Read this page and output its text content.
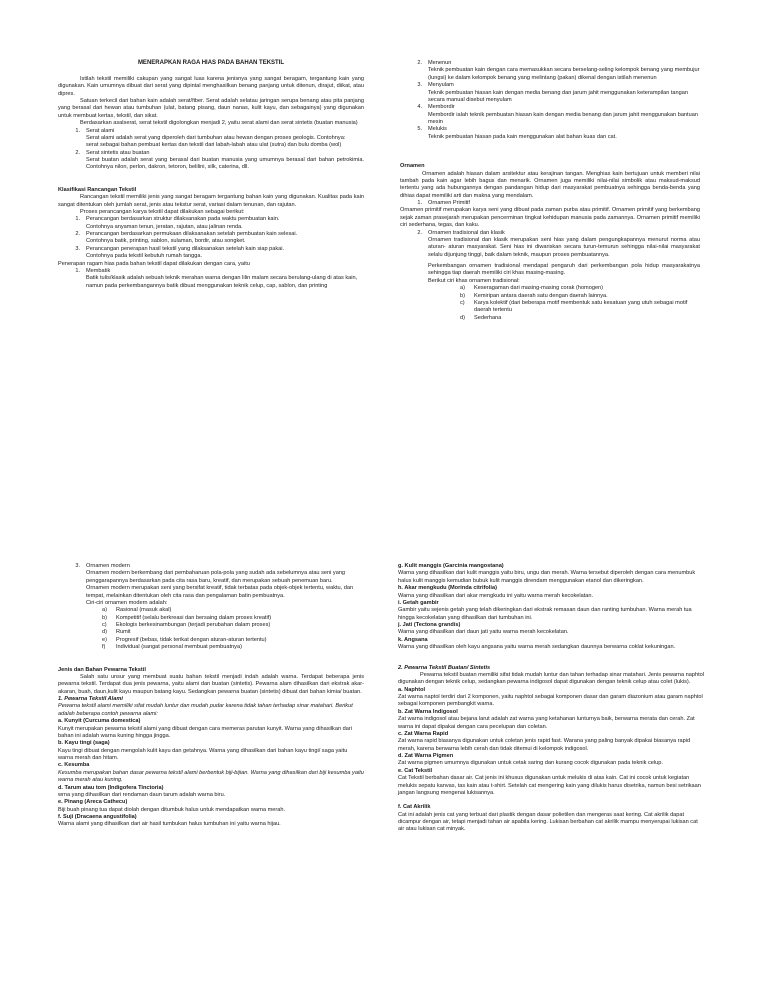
MENERAPKAN RAGA HIAS PADA BAHAN TEKSTIL

Istilah tekstil memiliki cakupan yang sangat luas karena jenisnya yang sangat beragam, tergantung kain yang digunakan. Kain umumnya dibuat dari serat yang dipintal menghasilkan benang panjang untuk ditenun, dirajut, diikat, atau dipres.

Satuan terkecil dari bahan kain adalah serat/fiber. Serat adalah selatau jaringan serupa benang atau pita panjang yang berasal dari hewan atau tumbuhan (ulat, batang pisang, daun nanas, kulit kayu, dan sebagainya) yang digunakan untuk membuat kertas, tekstil, dan sikat.

Berdasarkan asalserat, serat tekstil digolongkan menjadi 2, yaitu serat alami dan serat sintetis (buatan manusia)

1.	Serat alami

Serat alami adalah serat yang diperoleh dari tumbuhan atau hewan dengan proses geologis. Contohnya:

serat sebagai bahan pembuat kertas dan tekstil dari labah-labah atau ulat (sutra) dan bulu domba (wol)

2.	Serat sintetis atau buatan

Serat buatan adalah serat yang berasal dari buatan manusia yang umumnya berasal dari bahan petrokimia. Contohnya nilon, perlon, dakron, tetoron, belilini, silk, caterina, dll.

Klasifikasi Rancangan Tekstil

Rancangan tekstil memiliki jenis yang sangat beragam tergantung bahan kain yang digunakan. Kualitas pada kain sangat ditentukan oleh jumlah serat, jenis atau tekstur serat, variasi dalam tenunan, dan rajutan.

Proses perancangan karya tekstil dapat dilakukan sebagai berikut:

1.	Perancangan berdasarkan struktur dilaksanakan pada waktu pembuatan kain.

Contohnya anyaman tenun, jeratan, rajutan, atau jalinan renda.

2.	Perancangan berdasarkan permukaan dilaksanakan setelah pembuatan kain selesai.

Contohnya batik, printing, sablon, sulaman, bordir, atau songket.

3.	Perancangan penerapan hasil tekstil yang dilaksanakan setelah kain siap pakai.

Contohnya pada tekstil kebutuh rumah tangga.

Penerapan ragam hias pada bahan tekstil dapat dilakukan dengan cara, yaitu

1.	Membatik

Batik tulis/klasik adalah sebuah teknik merahan warna dengan lilin malam secara berulang-ulang di atas kain, namun pada perkembangannya batik dibuat menggunakan teknik celup, cap, sablon, dan printing

2.	Menenun

Teknik pembuatan kain dengan cara memasukkan secara berselang-seling kelompok benang yang membujur (lungsi) ke dalam kelompok benang yang melintang (pakan) dikenal dengan istilah menenun

3.	Menyulam

Teknik pembuatan hiasan kain dengan media benang dan jarum jahit menggunakan keterampilan tangan secara manual disebut menyulam

4.	Membordir

Membordir ialah teknik pembuatan hiasan kain dengan media benang dan jarum jahit menggunakan bantuan mesin

5.	Melukis

Teknik pembuatan hiasan pada kain menggunakan alat bahan kuas dan cat.

Ornamen

Ornamen adalah hiasan dalam arsitektur atau kerajinan tangan. Menghias kain bertujuan untuk memberi nilai tambah pada kain agar lebih bagus dan menarik. Ornamen juga memiliki nilai-nilai simbolik atau maksud-maksud tertentu yang ada hubungannya dengan pandangan hidup dari masyarakat pembuatnya sehingga benda-benda yang dihias dapat memiliki arti dan makna yang mendalam.

1.	Ornamen Primitif

Ornamen primitif merupakan karya seni yang dibuat pada zaman purba atau primitif. Ornamen primitif yang berkembang sejak zaman prasejarah merupakan pencerminan tingkat kehidupan manusia pada zamannya. Ornamen primitif memiliki ciri sederhana, tegas, dan kaku.

2.	Ornamen tradisional dan klasik

Ornamen tradisional dan klasik merupakan seni hias yang dalam pengungkapannya menurut norma atau aturan- aturan masyarakat. Seni hias ini diwariskan secara turun-temurun sehingga nilai-nilai masyarakat selalu dijunjung tinggi, baik dalam teknik, maupun proses pembuatannya.

Perkembangan ornamen tradisional mendapat pengaruh dari perkembangan pola hidup masyarakatnya sehingga tiap daerah memiliki ciri khas masing-masing.

Berikut ciri khas ornamen tradisional:

a)	Keseragaman dari masing-masing corak (homogen)
b)	Kemiripan antara daerah satu dengan daerah lainnya.
c)	Karya kolektif (dari beberapa motif membentuk satu kesatuan yang utuh sebagai motif daerah tertentu
d)	Sederhana
3.	Ornamen modern

Ornamen modern berkembang dari pembaharuan pola-pola yang sudah ada sebelumnya atau seni yang penggarapannya berdasarkan pada cita rasa baru, kreatif, dan merupakan sebuah penemuan baru.

Ornamen modern merupakan seni yang bersifat kreatif, tidak terbatas pada objek-objek tertentu, waktu, dan tempat, melainkan ditentukan oleh cita rasa dan pengalaman batin pembuatnya.

Ciri-ciri ornamen modern adalah:

a)	Rasional (masuk akal)
b)	Kompetitif (selalu berkreasi dan bersaing dalam proses kreatif)
c)	Ekologis berkesinambungan (terjadi perubahan dalam proses)
d)	Rumit
e)	Progresif (bebas, tidak terikat dengan aturan-aturan tertentu)
f)	Individual (sangat personal membuat pembuatnya)

Jenis dan Bahan Pewarna Tekstil

Salah satu unsur yang membuat suatu bahan tekstil menjadi indah adalah warna. Terdapat beberapa jenis pewarna tekstil. Terdapat dua jenis pewarna, yaitu alami dan buatan (sintetis). Pewarna alam dihasilkan dari ekstrak akar-akaran, buah, daun,kulit kayu maupun batang kayu. Sedangkan pewarna buatan (sintetis) dibuat dari bahan kimia/ buatan.

1. Pewarna Tekstil Alami

Pewarna tekstil alami memiliki sifat mudah luntur dan mudah pudar karena tidak tahan terhadap sinar matahari. Berikut adalah beberapa contoh pewarna alami:

a. Kunyit (Curcuma domestica)

Kunyit merupakan pewarna tekstil alami yang dibuat dengan cara memeras parutan kunyit. Warna yang dihasilkan dari bahan ini adalah warna kuning hingga jingga.

b. Kayu tingi (saga)

Kayu tingi dibuat dengan mengolah kulit kayu dan getahnya. Warna yang dihasilkan dari bahan kayu tingi/ saga yaitu warna merah dan hitam.

c. Kesumba

Kesumba merupakan bahan dasar pewarna tekstil alami berbentuk biji-bijian. Warna yang dihasilkan dari biji kesumba yaitu warna merah atau kuning.

d. Tarum atau tom (Indigofera Tinctoria)

wrna yang dihasilkan dari rendaman daun tarum adalah warna biru.

e. Pinang (Areca Cathecu)

Biji buah pinang tua dapat diolah dengan ditumbuk halus untuk mendapatkan warna merah.

f. Suji (Dracaena angustifolia)

Warna alami yang dihasilkan dari air hasil tumbukan halus tumbuhan ini yaitu warna hijau.

g. Kulit manggis (Garcinia mangostana)

Warna yang dihasilkan dari kulit manggis yaitu biru, ungu dan merah. Warna tersebut diperoleh dengan cara menumbuk halus kulit manggis kemudian bubuk kulit manggis direndam menggunakan etanol dan dikeringkan.

h. Akar mengkudu (Morinda citrifolia)

Warna yang dihasilkan dari akar mengkudu ini yaitu warna merah kecokelatan.

i. Getah gambir

Gambir yaitu sejenis getah yang telah dikeringkan dari ekstrak remasan daun dan ranting tumbuhan. Warna merah tua hingga kecokelatan yang dihasilkan dari tumbuhan ini.

j. Jati (Tectona grandis)

Warna yang dihasilkan dari daun jati yaitu warna merah kecokelatan.

k. Angsana

Warna yang dihasilkan oleh kayu angsana yaitu warna merah sedangkan daunnya berwarna coklat kekuningan.

2. Pewarna Tekstil Buatan/ Sintetis

Pewarna tekstil buatan memiliki sifat tidak mudah luntur dan tahan terhadap sinar matahari. Jenis pewarna naphtol digunakan dengan teknik celup, sedangkan pewarna indigosol dapat digunakan dengan teknik celup atau colet (lukis).

a. Naphtol

Zat warna naptol terdiri dari 2 komponen, yaitu naphtol sebagai komponen dasar dan garam diazonium atau garam naphtol sebagai komponen pembangkit warna.

b. Zat Warna Indigosol

Zat warna indigosol atau bejana larut adalah zat warna yang ketahanan lunturnya baik, berwarna merata dan cerah. Zat warna ini dapat dipakai dengan cara pecelupan dan coletan.

c. Zat Warna Rapid

Zat warna rapid biasanya digunakan untuk coletan jenis rapid fast. Warana yang paling banyak dipakai biasanya rapid merah, karena berwarna lebih cerah dan tidak ditemui di kelompok indigosol.

d. Zat Warna Pigmen

Zat warna pigmen umumnya digunakan untuk cetak saring dan kurang cocok digunakan pada teknik celup.

e. Cat Tekstil

Cat Tekstil berbahan dasar air. Cat jenis ini khusus digunakan untuk melukis di atas kain. Cat ini cocok untuk kegiatan melukis sepatu kanvas, tas kain atau t-shirt. Setelah cat mengering kain yang dilukis harus disetrika, namun besi setrikaan jangan langsung mengenai lukisannya.

f. Cat Akrilik

Cat ini adalah jenis cat yang terbuat dari plastik dengan dasar polietilen dan mengeras saat kering. Cat akrilik dapat dicampur dengan air, tetapi menjadi tahan air apabila kering. Lukisan berbahan cat akrilik mampu menyerupai lukisan cat air atau lukisan cat minyak.
